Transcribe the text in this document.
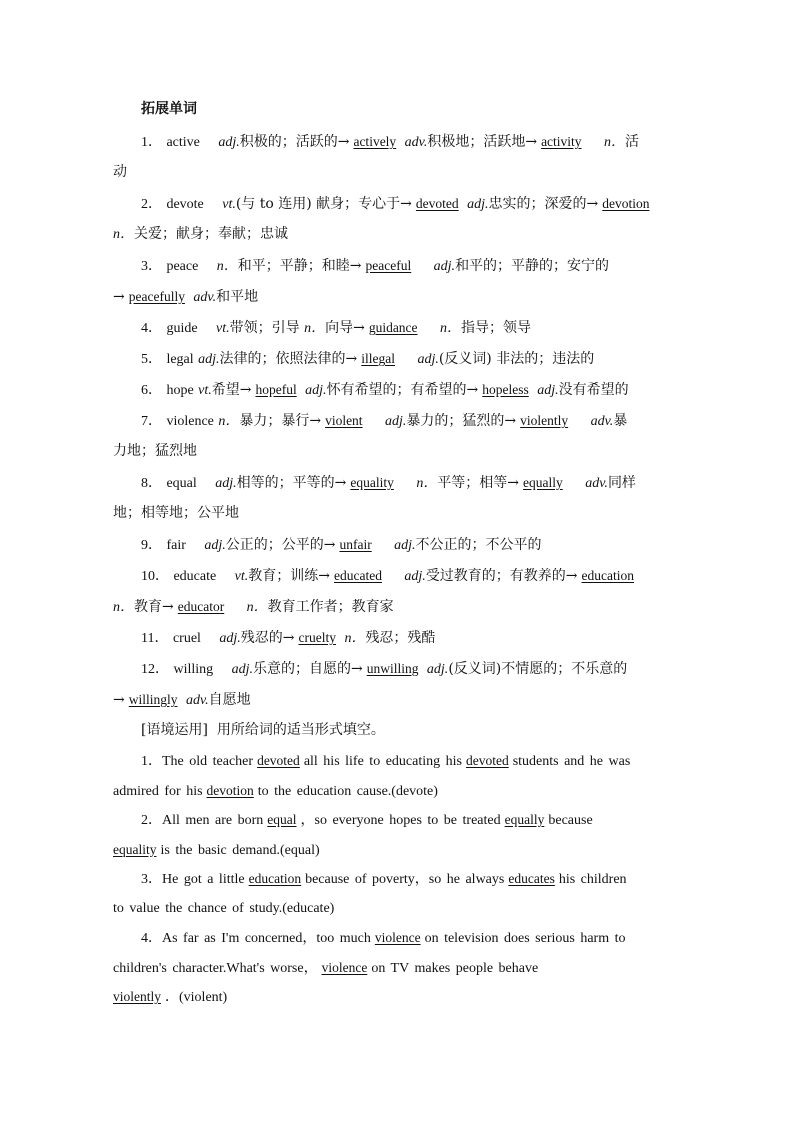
拓展单词
1． active adj.积极的；活跃的→ actively adv.积极地；活跃地→ activity n．活
动
2． devote vt.(与 to 连用) 献身；专心于→ devoted adj.忠实的；深爱的→ devotion
n．关爱；献身；奉献；忠诚
3． peace n．和平；平静；和睦→ peaceful adj.和平的；平静的；安宁的
→ peacefully adv.和平地
4． guide vt.带领；引导 n．向导→ guidance n．指导；领导
5． legal adj.法律的；依照法律的→ illegal adj.(反义词) 非法的；违法的
6． hope vt.希望→ hopeful adj.怀有希望的；有希望的→ hopeless adj.没有希望的
7． violence n．暴力；暴行→ violent adj.暴力的；猛烈的→ violently adv.暴
力地；猛烈地
8． equal adj.相等的；平等的→ equality n．平等；相等→ equally adv.同样
地；相等地；公平地
9． fair adj.公正的；公平的→ unfair adj.不公正的；不公平的
10． educate vt.教育；训练→ educated adj.受过教育的；有教养的→ education
n．教育→ educator n．教育工作者；教育家
11． cruel adj.残忍的→ cruelty n．残忍；残酷
12． willing adj.乐意的；自愿的→ unwilling adj.(反义词)不情愿的；不乐意的
→ willingly adv.自愿地
[语境运用] 用所给词的适当形式填空。
1．The old teacher devoted all his life to educating his devoted students and he was
admired for his devotion to the education cause.(devote)
2．All men are born equal ，so everyone hopes to be treated equally because
equality is the basic demand.(equal)
3．He got a little education because of poverty，so he always educates his children
to value the chance of study.(educate)
4．As far as I'm concerned，too much violence on television does serious harm to
children's character.What's worse， violence on TV makes people behave
violently ．(violent)
